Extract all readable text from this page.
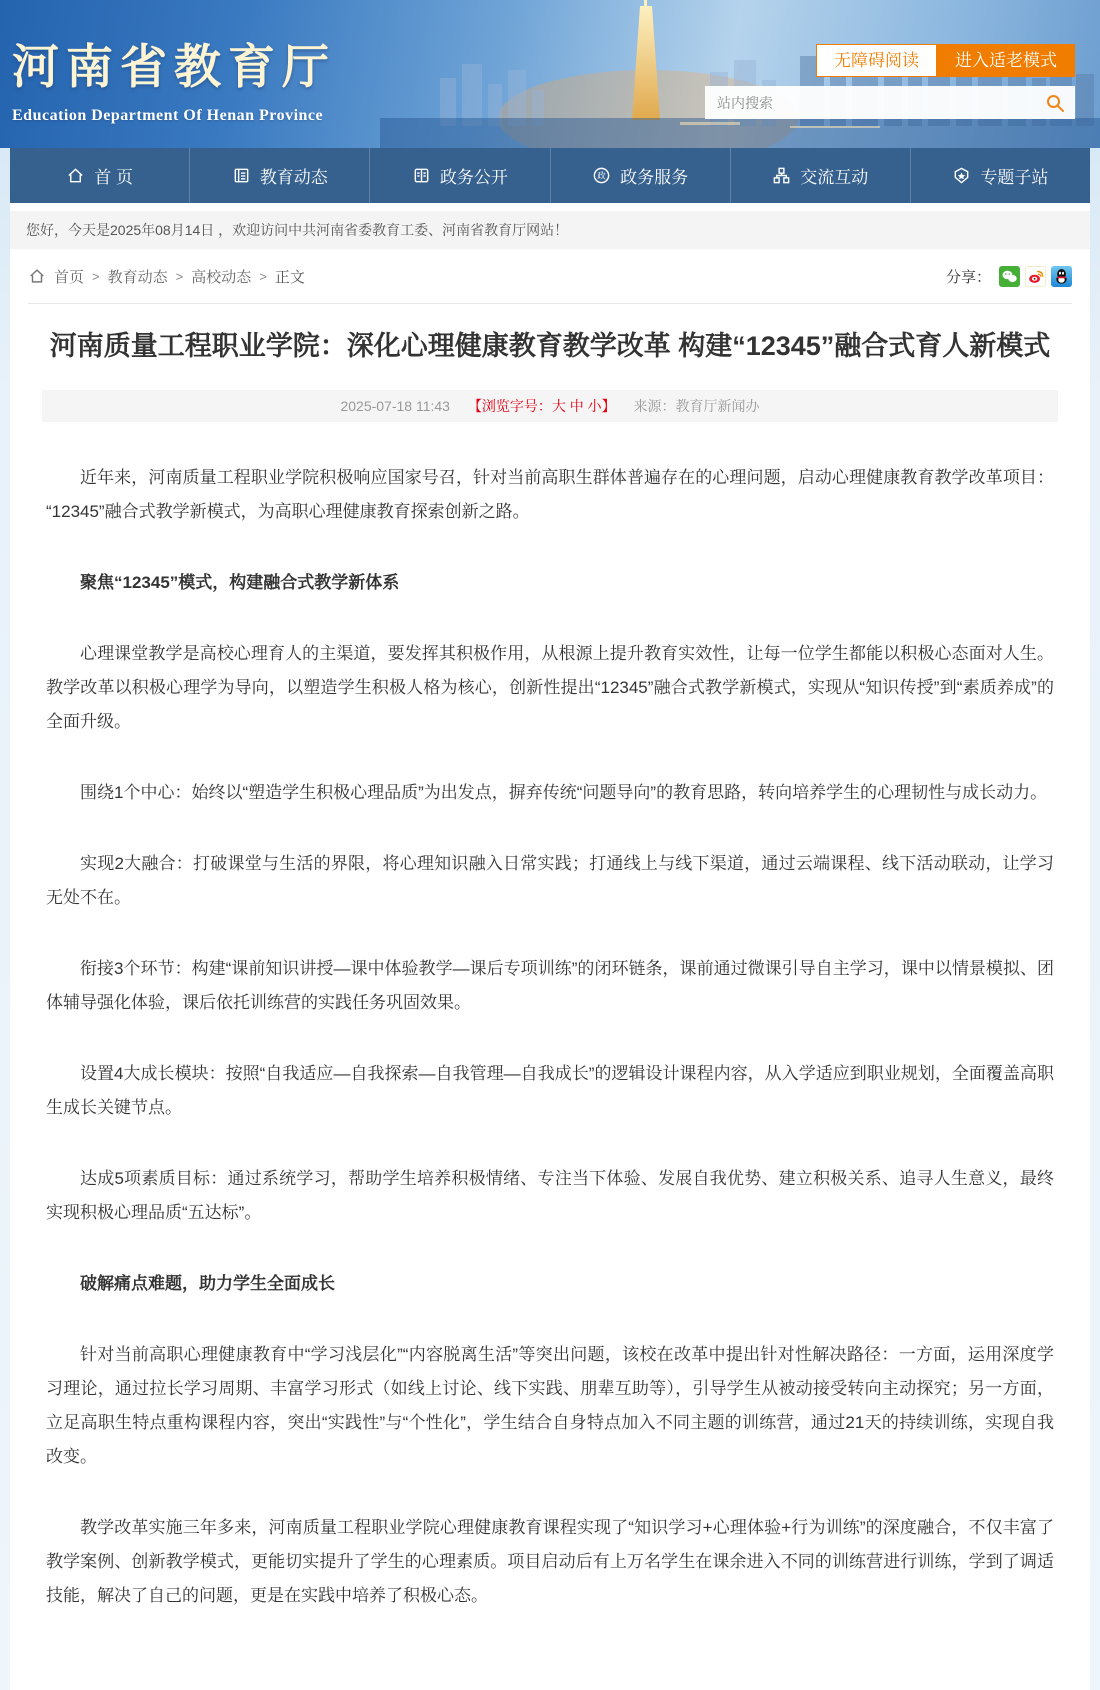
河南省教育厅
Education Department Of Henan Province
无障碍阅读	进入适老模式
站内搜索
首 页	教育动态	政务公开	政 政务服务	交流互动	专题子站
您好，今天是2025年08月14日 ，欢迎访问中共河南省委教育工委、河南省教育厅网站！
首页 > 教育动态 > 高校动态 > 正文	分享：
河南质量工程职业学院：深化心理健康教育教学改革 构建“12345”融合式育人新模式
2025-07-18 11:43 【浏览字号：大 中 小】 来源：教育厅新闻办

近年来，河南质量工程职业学院积极响应国家号召，针对当前高职生群体普遍存在的心理问题，启动心理健康教育教学改革项目：“12345”融合式教学新模式，为高职心理健康教育探索创新之路。

聚焦“12345”模式，构建融合式教学新体系

心理课堂教学是高校心理育人的主渠道，要发挥其积极作用，从根源上提升教育实效性，让每一位学生都能以积极心态面对人生。教学改革以积极心理学为导向，以塑造学生积极人格为核心，创新性提出“12345”融合式教学新模式，实现从“知识传授”到“素质养成”的全面升级。

围绕1个中心：始终以“塑造学生积极心理品质”为出发点，摒弃传统“问题导向”的教育思路，转向培养学生的心理韧性与成长动力。

实现2大融合：打破课堂与生活的界限，将心理知识融入日常实践；打通线上与线下渠道，通过云端课程、线下活动联动，让学习无处不在。

衔接3个环节：构建“课前知识讲授—课中体验教学—课后专项训练”的闭环链条，课前通过微课引导自主学习，课中以情景模拟、团体辅导强化体验，课后依托训练营的实践任务巩固效果。

设置4大成长模块：按照“自我适应—自我探索—自我管理—自我成长”的逻辑设计课程内容，从入学适应到职业规划，全面覆盖高职生成长关键节点。

达成5项素质目标：通过系统学习，帮助学生培养积极情绪、专注当下体验、发展自我优势、建立积极关系、追寻人生意义，最终实现积极心理品质“五达标”。

破解痛点难题，助力学生全面成长

针对当前高职心理健康教育中“学习浅层化”“内容脱离生活”等突出问题，该校在改革中提出针对性解决路径：一方面，运用深度学习理论，通过拉长学习周期、丰富学习形式（如线上讨论、线下实践、朋辈互助等），引导学生从被动接受转向主动探究；另一方面，立足高职生特点重构课程内容，突出“实践性”与“个性化”，学生结合自身特点加入不同主题的训练营，通过21天的持续训练，实现自我改变。

教学改革实施三年多来，河南质量工程职业学院心理健康教育课程实现了“知识学习+心理体验+行为训练”的深度融合，不仅丰富了教学案例、创新教学模式，更能切实提升了学生的心理素质。项目启动后有上万名学生在课余进入不同的训练营进行训练，学到了调适技能，解决了自己的问题，更是在实践中培养了积极心态。
